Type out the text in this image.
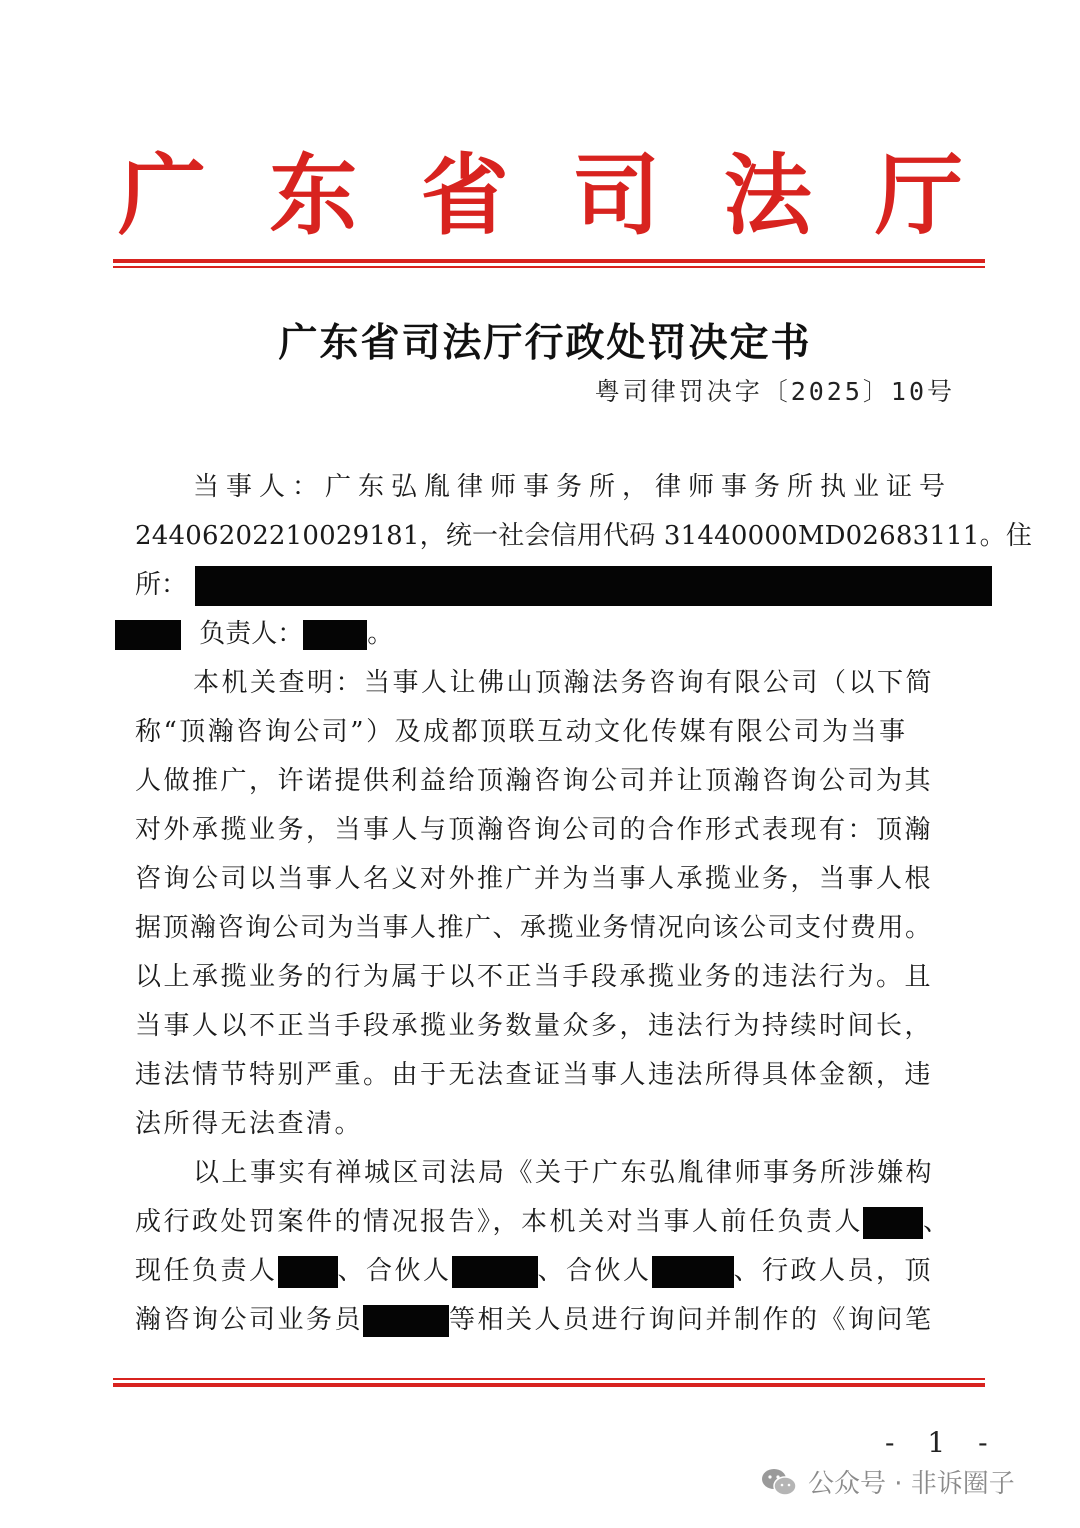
广 东 省 司 法 厅
广东省司法厅行政处罚决定书
粤司律罚决字〔2025〕10号
当事人：广东弘胤律师事务所，律师事务所执业证号
24406202210029181，统一社会信用代码 31440000MD02683111。住
所：
负责人： 。
本机关查明：当事人让佛山顶瀚法务咨询有限公司（以下简
称“顶瀚咨询公司”）及成都顶联互动文化传媒有限公司为当事
人做推广，许诺提供利益给顶瀚咨询公司并让顶瀚咨询公司为其
对外承揽业务，当事人与顶瀚咨询公司的合作形式表现有：顶瀚
咨询公司以当事人名义对外推广并为当事人承揽业务，当事人根
据顶瀚咨询公司为当事人推广、承揽业务情况向该公司支付费用。
以上承揽业务的行为属于以不正当手段承揽业务的违法行为。且
当事人以不正当手段承揽业务数量众多，违法行为持续时间长，
违法情节特别严重。由于无法查证当事人违法所得具体金额，违
法所得无法查清。
以上事实有禅城区司法局《关于广东弘胤律师事务所涉嫌构
成行政处罚案件的情况报告》，本机关对当事人前任负责人 、
现任负责人 、合伙人	、合伙人	、行政人员，顶
瀚咨询公司业务员	等相关人员进行询问并制作的《询问笔
- 1 -
公众号 · 非诉圈子
